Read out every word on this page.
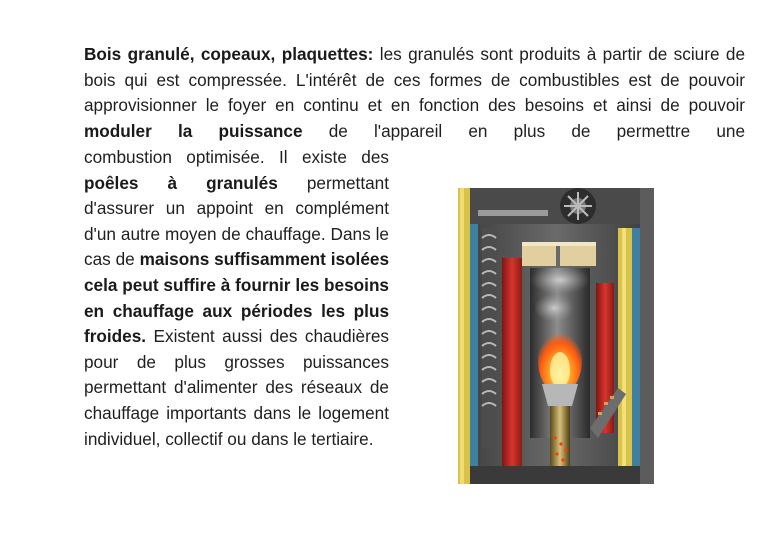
Bois granulé, copeaux, plaquettes: les granulés sont produits à partir de sciure de bois qui est compressée. L'intérêt de ces formes de combustibles est de pouvoir approvisionner le foyer en continu et en fonction des besoins et ainsi de pouvoir moduler la puissance de l'appareil en plus de permettre une

combustion optimisée. Il existe des poêles à granulés permettant d'assurer un appoint en complément d'un autre moyen de chauffage. Dans le cas de maisons suffisamment isolées cela peut suffire à fournir les besoins en chauffage aux périodes les plus froides. Existent aussi des chaudières pour de plus grosses puissances permettant d'alimenter des réseaux de chauffage importants dans le logement individuel, collectif ou dans le tertiaire.
